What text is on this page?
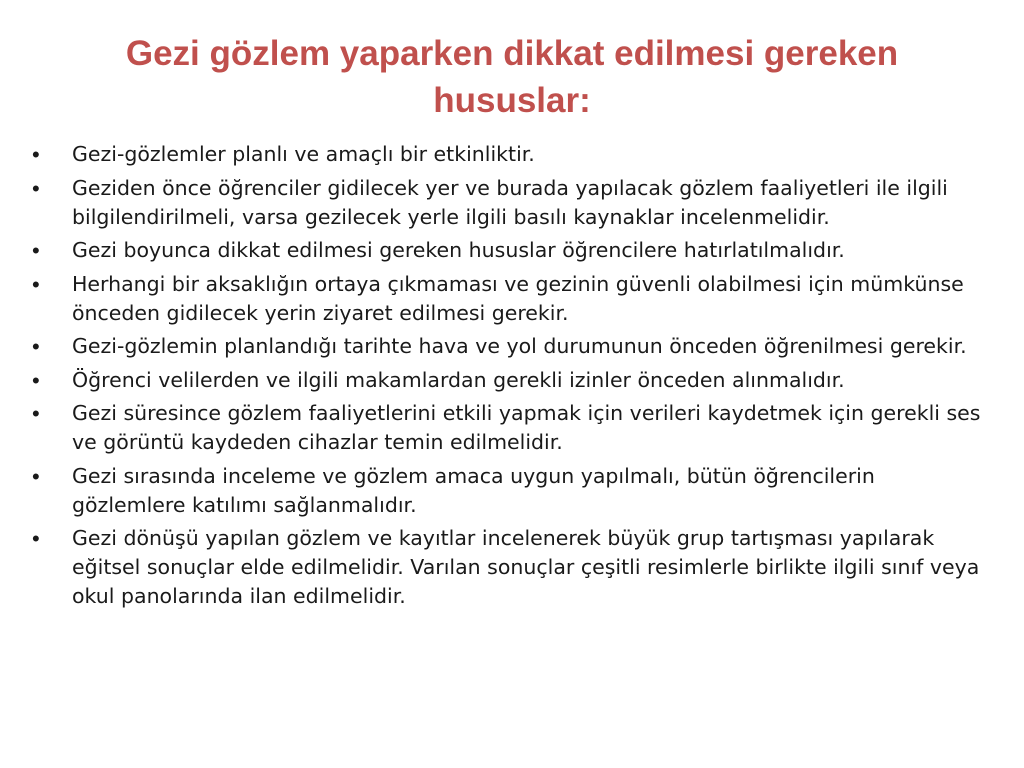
Gezi gözlem yaparken dikkat edilmesi gereken hususlar:
• Gezi-gözlemler planlı ve amaçlı bir etkinliktir.
• Geziden önce öğrenciler gidilecek yer ve burada yapılacak gözlem faaliyetleri ile ilgili bilgilendirilmeli, varsa gezilecek yerle ilgili basılı kaynaklar incelenmelidir.
• Gezi boyunca dikkat edilmesi gereken hususlar öğrencilere hatırlatılmalıdır.
• Herhangi bir aksaklığın ortaya çıkmaması ve gezinin güvenli olabilmesi için mümkünse önceden gidilecek yerin ziyaret edilmesi gerekir.
• Gezi-gözlemin planlandığı tarihte hava ve yol durumunun önceden öğrenilmesi gerekir.
• Öğrenci velilerden ve ilgili makamlardan gerekli izinler önceden alınmalıdır.
• Gezi süresince gözlem faaliyetlerini etkili yapmak için verileri kaydetmek için gerekli ses ve görüntü kaydeden cihazlar temin edilmelidir.
• Gezi sırasında inceleme ve gözlem amaca uygun yapılmalı, bütün öğrencilerin gözlemlere katılımı sağlanmalıdır.
• Gezi dönüşü yapılan gözlem ve kayıtlar incelenerek büyük grup tartışması yapılarak eğitsel sonuçlar elde edilmelidir. Varılan sonuçlar çeşitli resimlerle birlikte ilgili sınıf veya okul panolarında ilan edilmelidir.
